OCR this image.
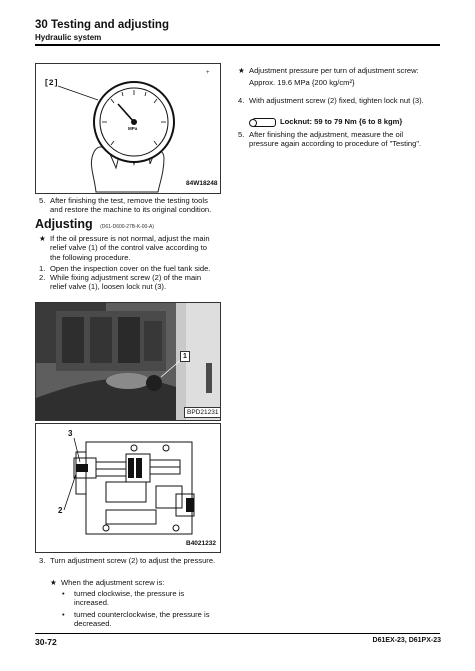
30 Testing and adjusting
Hydraulic system
+
[2]
MPa
84W18248
5. After finishing the test, remove the testing tools and restore the machine to its original condition.
Adjusting (D61-D600-27B-K-00-A)
★ If the oil pressure is not normal, adjust the main relief valve (1) of the control valve according to the following procedure.
1. Open the inspection cover on the fuel tank side.
2. While fixing adjustment screw (2) of the main relief valve (1), loosen lock nut (3).
1
BPD21231
3
2
B4021232
3. Turn adjustment screw (2) to adjust the pressure.
★ When the adjustment screw is:
• turned clockwise, the pressure is increased.
• turned counterclockwise, the pressure is decreased.
★ Adjustment pressure per turn of adjustment screw:
Approx. 19.6 MPa {200 kg/cm²}
4. With adjustment screw (2) fixed, tighten lock nut (3).
Locknut: 59 to 79 Nm {6 to 8 kgm}
5. After finishing the adjustment, measure the oil pressure again according to procedure of "Testing".
30-72	D61EX-23, D61PX-23
